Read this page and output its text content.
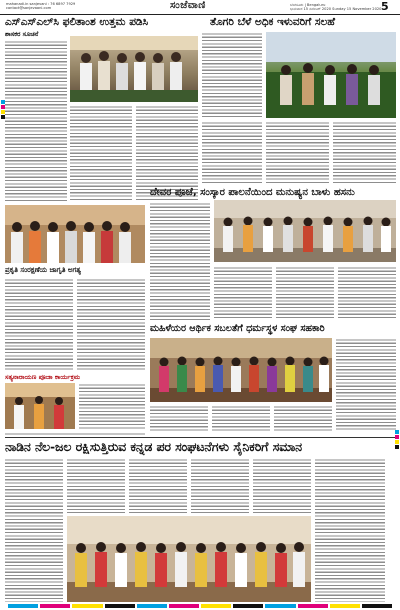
mahanadi.in sanjevani : 76 6897 7929
contact@sanjevaani.com	ಸಂಜೆವಾಣಿ	ಬೆಂಗಳೂರು | Bengaluru
ಭಾನುವಾರ 15 ನವೆಂಬರ್ 2020 Sunday 15 November 2020 5
ಎಸ್ಎಸ್ಎಲ್‌ಸಿ ಫಲಿತಾಂಶ ಉತ್ತಮ ಪಡಿಸಿ
ಶಾಸಕರ ಸೂಚನೆ
ತೊಗರಿ ಬೆಳೆ ಅಧಿಕ ಇಳುವರಿಗೆ ಸಲಹೆ
ದೇವರ ಪೂಜೆ, ಸಂಸ್ಕಾರ ಪಾಲನೆಯಿಂದ ಮನುಷ್ಯನ ಬಾಳು ಹಸನು
ಪ್ರಕೃತಿ ಸಂರಕ್ಷಣೆಯ ಜಾಗೃತಿ ಅಗತ್ಯ
ಮಹಿಳೆಯರ ಆರ್ಥಿಕ ಸಬಲತೆಗೆ ಧರ್ಮಸ್ಥಳ ಸಂಘ ಸಹಕಾರಿ
ಸತ್ಯನಾರಾಯಣ ಪೂಜಾ ಕಾರ್ಯಕ್ರಮ
ನಾಡಿನ ನೆಲ-ಜಲ ರಕ್ಷಿಸುತ್ತಿರುವ ಕನ್ನಡ ಪರ ಸಂಘಟನೆಗಳು ಸೈನಿಕರಿಗೆ ಸಮಾನ
